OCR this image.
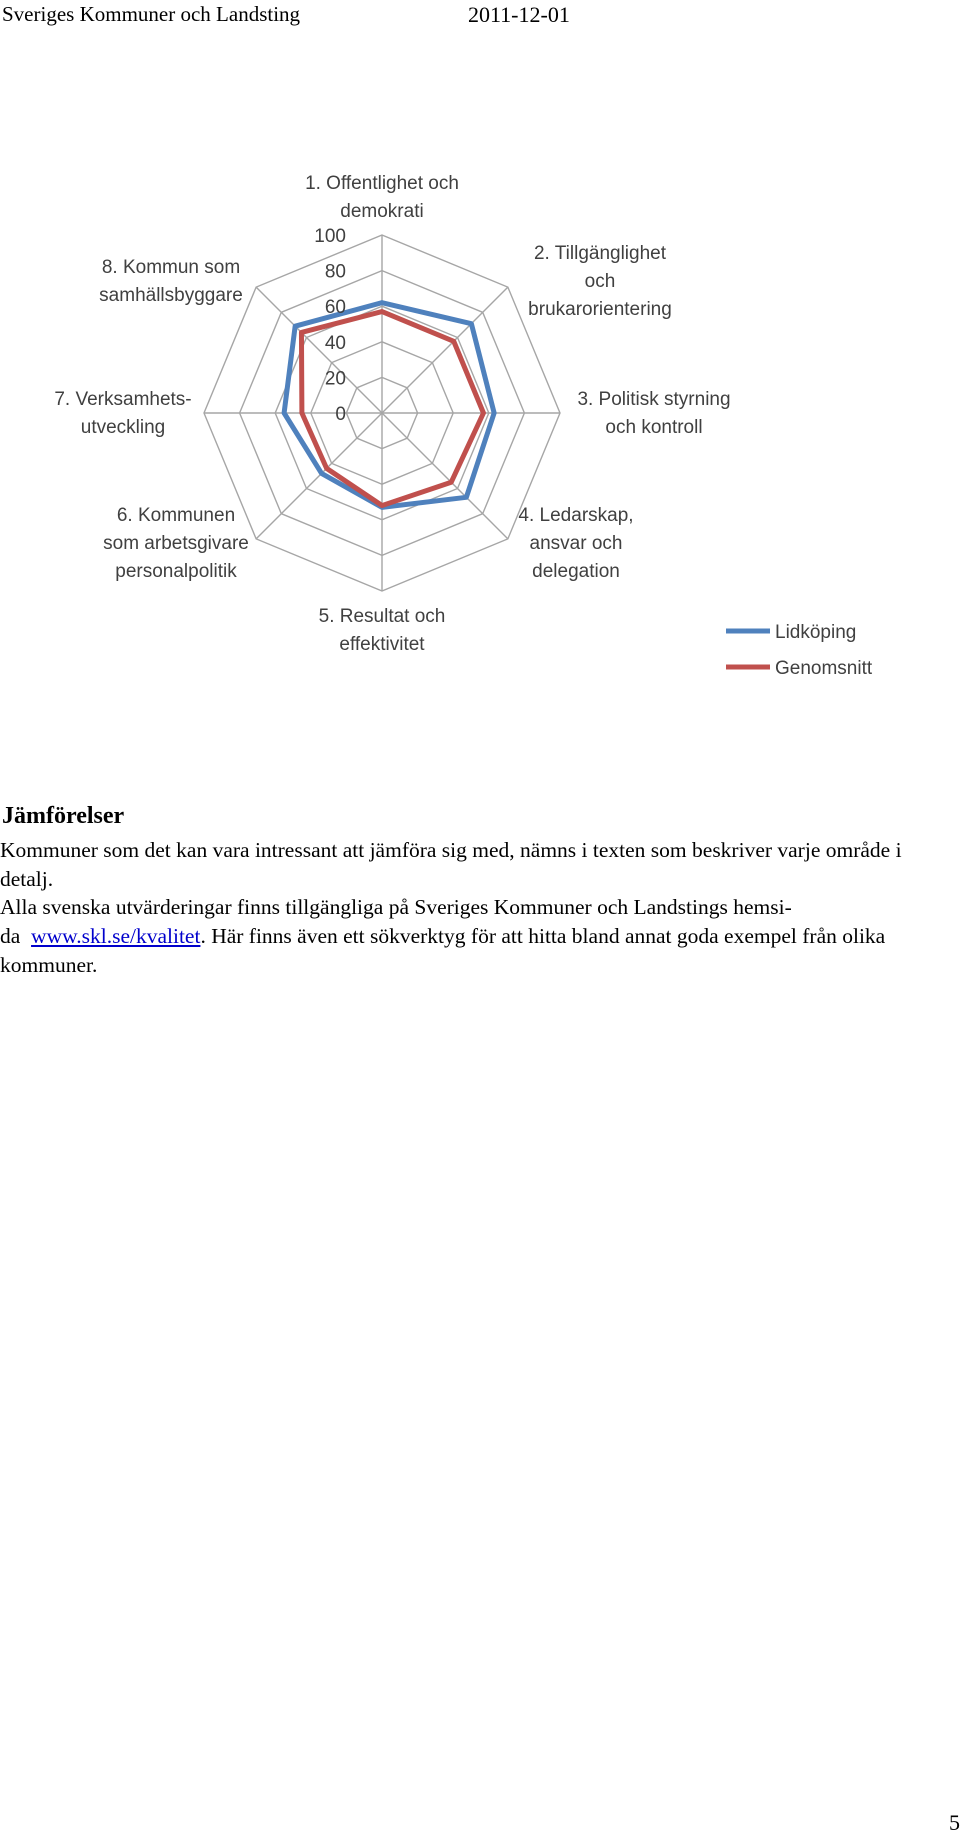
Sveriges Kommuner och Landsting	2011-12-01
0
20
40
60
80
100
1. Offentlighet och demokrati
2. Tillgänglighet och brukarorientering
3. Politisk styrning och kontroll
4. Ledarskap, ansvar och delegation
5. Resultat och effektivitet
6. Kommunen som arbetsgivare personalpolitik
7. Verksamhets-utveckling
8. Kommun som samhällsbyggare
Lidköping
Genomsnitt
Jämförelser
Kommuner som det kan vara intressant att jämföra sig med, nämns i texten som beskriver varje område i detalj.
Alla svenska utvärderingar finns tillgängliga på Sveriges Kommuner och Landstings hemsi-
da  www.skl.se/kvalitet. Här finns även ett sökverktyg för att hitta bland annat goda exempel från olika kommuner.
5
